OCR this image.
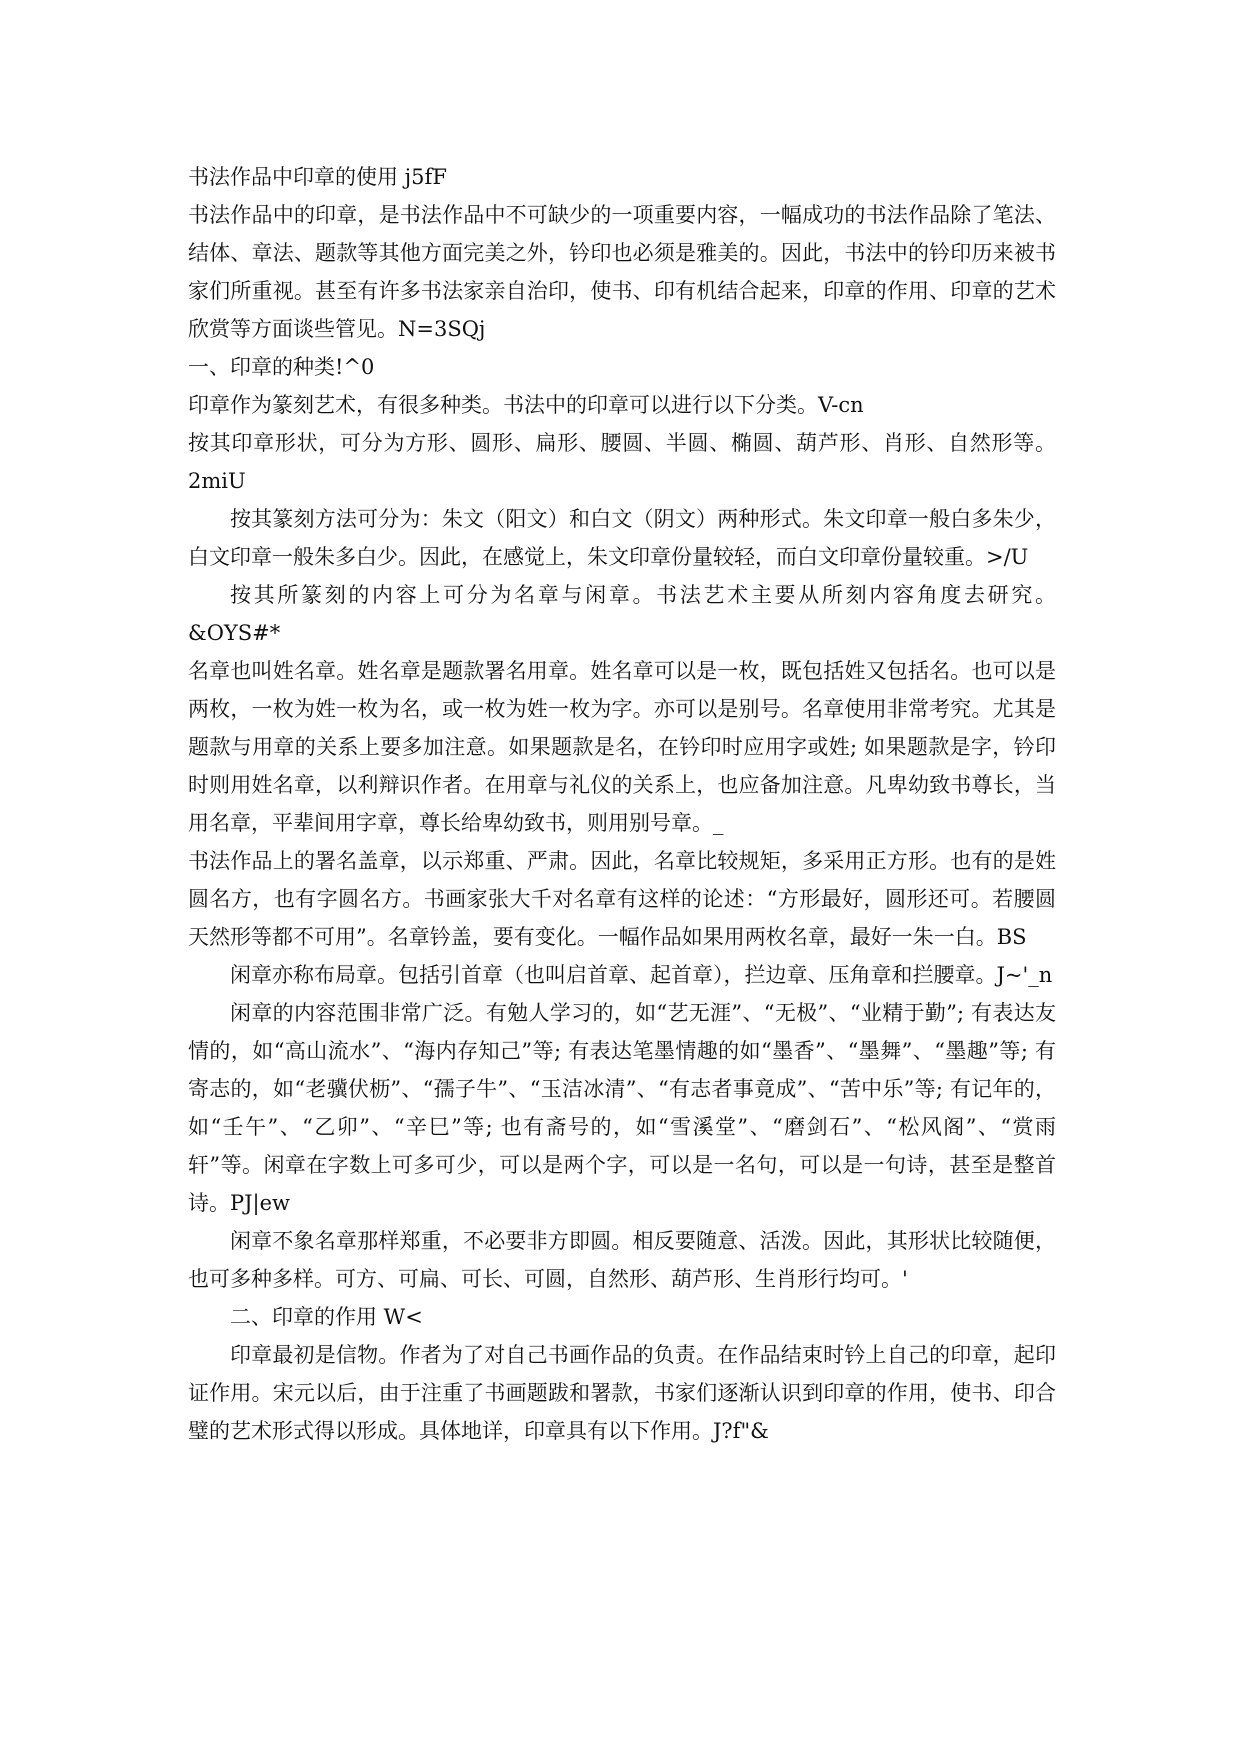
书法作品中印章的使用 j5fF

书法作品中的印章，是书法作品中不可缺少的一项重要内容，一幅成功的书法作品除了笔法、结体、章法、题款等其他方面完美之外，钤印也必须是雅美的。因此，书法中的钤印历来被书家们所重视。甚至有许多书法家亲自治印，使书、印有机结合起来，印章的作用、印章的艺术欣赏等方面谈些管见。N=3SQj

一、印章的种类!^0

印章作为篆刻艺术，有很多种类。书法中的印章可以进行以下分类。V-cn

按其印章形状，可分为方形、圆形、扁形、腰圆、半圆、椭圆、葫芦形、肖形、自然形等。2miU

按其篆刻方法可分为：朱文（阳文）和白文（阴文）两种形式。朱文印章一般白多朱少，白文印章一般朱多白少。因此，在感觉上，朱文印章份量较轻，而白文印章份量较重。>/U

按其所篆刻的内容上可分为名章与闲章。书法艺术主要从所刻内容角度去研究。&OYS#*

名章也叫姓名章。姓名章是题款署名用章。姓名章可以是一枚，既包括姓又包括名。也可以是两枚，一枚为姓一枚为名，或一枚为姓一枚为字。亦可以是别号。名章使用非常考究。尤其是题款与用章的关系上要多加注意。如果题款是名，在钤印时应用字或姓; 如果题款是字，钤印时则用姓名章，以利辩识作者。在用章与礼仪的关系上，也应备加注意。凡卑幼致书尊长，当用名章，平辈间用字章，尊长给卑幼致书，则用别号章。_

书法作品上的署名盖章，以示郑重、严肃。因此，名章比较规矩，多采用正方形。也有的是姓圆名方，也有字圆名方。书画家张大千对名章有这样的论述：“方形最好，圆形还可。若腰圆天然形等都不可用”。名章钤盖，要有变化。一幅作品如果用两枚名章，最好一朱一白。BS

闲章亦称布局章。包括引首章（也叫启首章、起首章），拦边章、压角章和拦腰章。J~'_n

闲章的内容范围非常广泛。有勉人学习的，如“艺无涯”、“无极”、“业精于勤”; 有表达友情的，如“高山流水”、“海内存知己”等; 有表达笔墨情趣的如“墨香”、“墨舞”、“墨趣”等; 有寄志的，如“老骥伏枥”、“孺子牛”、“玉洁冰清”、“有志者事竟成”、“苦中乐”等; 有记年的，如“壬午”、“乙卯”、“辛巳”等; 也有斋号的，如“雪溪堂”、“磨剑石”、“松风阁”、“赏雨轩”等。闲章在字数上可多可少，可以是两个字，可以是一名句，可以是一句诗，甚至是整首诗。PJ|ew

闲章不象名章那样郑重，不必要非方即圆。相反要随意、活泼。因此，其形状比较随便，也可多种多样。可方、可扁、可长、可圆，自然形、葫芦形、生肖形行均可。'

二、印章的作用 W<

印章最初是信物。作者为了对自己书画作品的负责。在作品结束时钤上自己的印章，起印证作用。宋元以后，由于注重了书画题跋和署款，书家们逐渐认识到印章的作用，使书、印合璧的艺术形式得以形成。具体地详，印章具有以下作用。J?f"&
